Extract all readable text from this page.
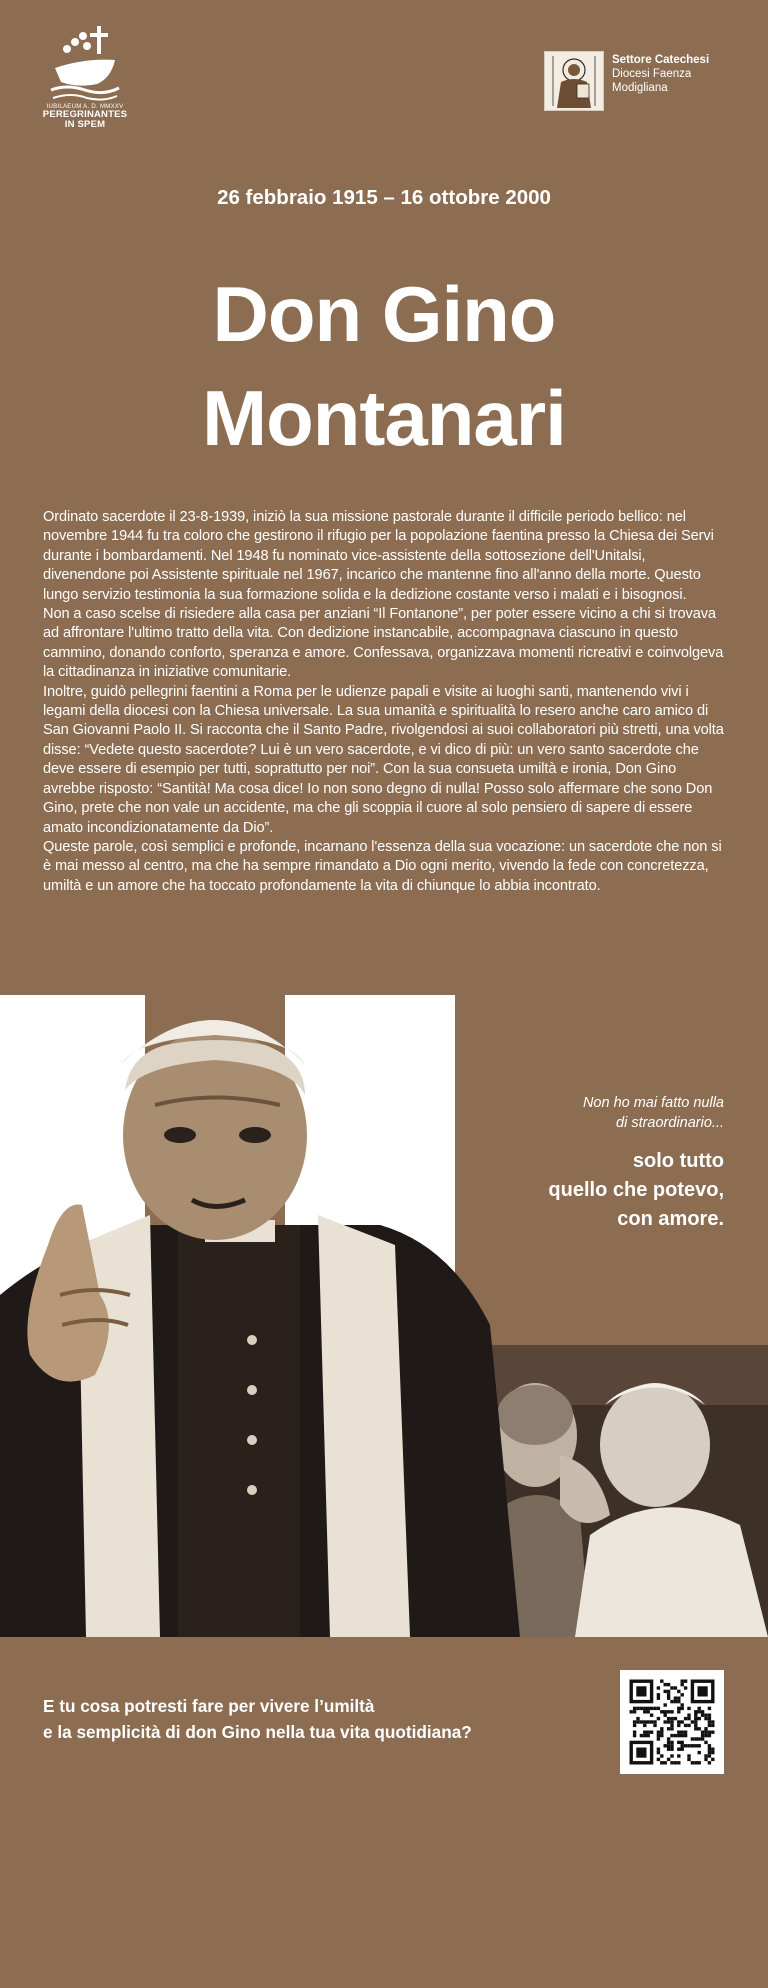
IUBILAEUM A. D. MMXXV
PEREGRINANTES
IN SPEM
Settore Catechesi
Diocesi Faenza
Modigliana
26 febbraio 1915 – 16 ottobre 2000
Don Gino
Montanari

Ordinato sacerdote il 23-8-1939, iniziò la sua missione pastorale durante il difficile periodo bellico: nel novembre 1944 fu tra coloro che gestirono il rifugio per la popolazione faentina presso la Chiesa dei Servi durante i bombardamenti. Nel 1948 fu nominato vice-assistente della sottosezione dell'Unitalsi, divenendone poi Assistente spirituale nel 1967, incarico che mantenne fino all'anno della morte. Questo lungo servizio testimonia la sua formazione solida e la dedizione costante verso i malati e i bisognosi.

Non a caso scelse di risiedere alla casa per anziani “Il Fontanone”, per poter essere vicino a chi si trovava ad affrontare l'ultimo tratto della vita. Con dedizione instancabile, accompagnava ciascuno in questo cammino, donando conforto, speranza e amore. Confessava, organizzava momenti ricreativi e coinvolgeva la cittadinanza in iniziative comunitarie.

Inoltre, guidò pellegrini faentini a Roma per le udienze papali e visite ai luoghi santi, mantenendo vivi i legami della diocesi con la Chiesa universale. La sua umanità e spiritualità lo resero anche caro amico di San Giovanni Paolo II. Si racconta che il Santo Padre, rivolgendosi ai suoi collaboratori più stretti, una volta disse: “Vedete questo sacerdote? Lui è un vero sacerdote, e vi dico di più: un vero santo sacerdote che deve essere di esempio per tutti, soprattutto per noi”. Con la sua consueta umiltà e ironia, Don Gino avrebbe risposto: “Santità! Ma cosa dice! Io non sono degno di nulla! Posso solo affermare che sono Don Gino, prete che non vale un accidente, ma che gli scoppia il cuore al solo pensiero di sapere di essere amato incondizionatamente da Dio”.

Queste parole, così semplici e profonde, incarnano l'essenza della sua vocazione: un sacerdote che non si è mai messo al centro, ma che ha sempre rimandato a Dio ogni merito, vivendo la fede con concretezza, umiltà e un amore che ha toccato profondamente la vita di chiunque lo abbia incontrato.

Non ho mai fatto nulla
di straordinario...
solo tutto
quello che potevo,
con amore.
E tu cosa potresti fare per vivere l’umiltà
e la semplicità di don Gino nella tua vita quotidiana?
